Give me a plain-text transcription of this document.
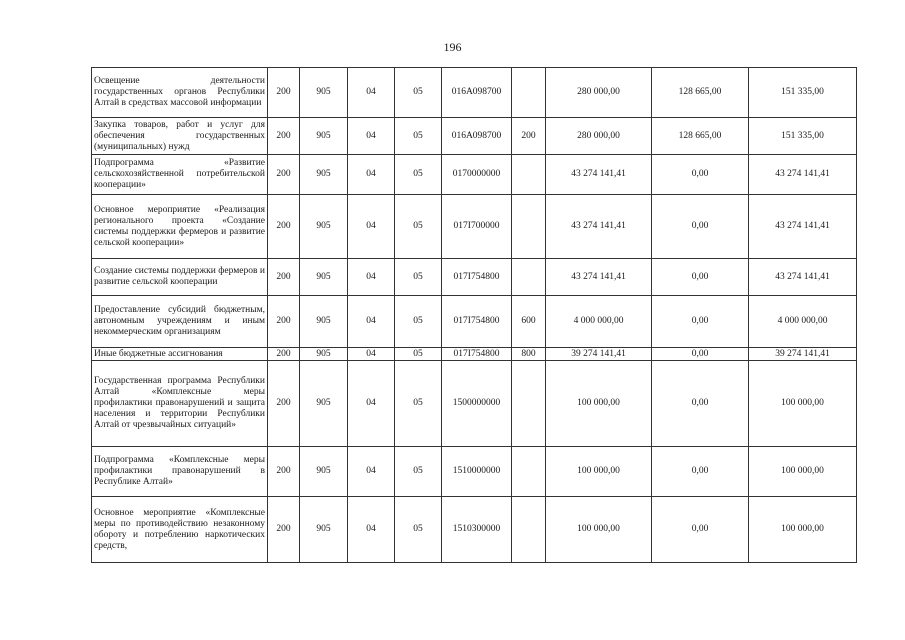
196
Освещение деятельности государственных органов Республики Алтай в средствах массовой информации	200	905	04	05	016А098700		280 000,00	128 665,00	151 335,00
Закупка товаров, работ и услуг для обеспечения государственных (муниципальных) нужд	200	905	04	05	016А098700	200	280 000,00	128 665,00	151 335,00
Подпрограмма «Развитие сельскохозяйственной потребительской кооперации»	200	905	04	05	0170000000		43 274 141,41	0,00	43 274 141,41
Основное мероприятие «Реализация регионального проекта «Создание системы поддержки фермеров и развитие сельской кооперации»	200	905	04	05	017I700000		43 274 141,41	0,00	43 274 141,41
Создание системы поддержки фермеров и развитие сельской кооперации	200	905	04	05	017I754800		43 274 141,41	0,00	43 274 141,41
Предоставление субсидий бюджетным, автономным учреждениям и иным некоммерческим организациям	200	905	04	05	017I754800	600	4 000 000,00	0,00	4 000 000,00
Иные бюджетные ассигнования	200	905	04	05	017I754800	800	39 274 141,41	0,00	39 274 141,41
Государственная программа Республики Алтай «Комплексные меры профилактики правонарушений и защита населения и территории Республики Алтай от чрезвычайных ситуаций»	200	905	04	05	1500000000		100 000,00	0,00	100 000,00
Подпрограмма «Комплексные меры профилактики правонарушений в Республике Алтай»	200	905	04	05	1510000000		100 000,00	0,00	100 000,00
Основное мероприятие «Комплексные меры по противодействию незаконному обороту и потреблению наркотических средств,	200	905	04	05	1510300000		100 000,00	0,00	100 000,00
